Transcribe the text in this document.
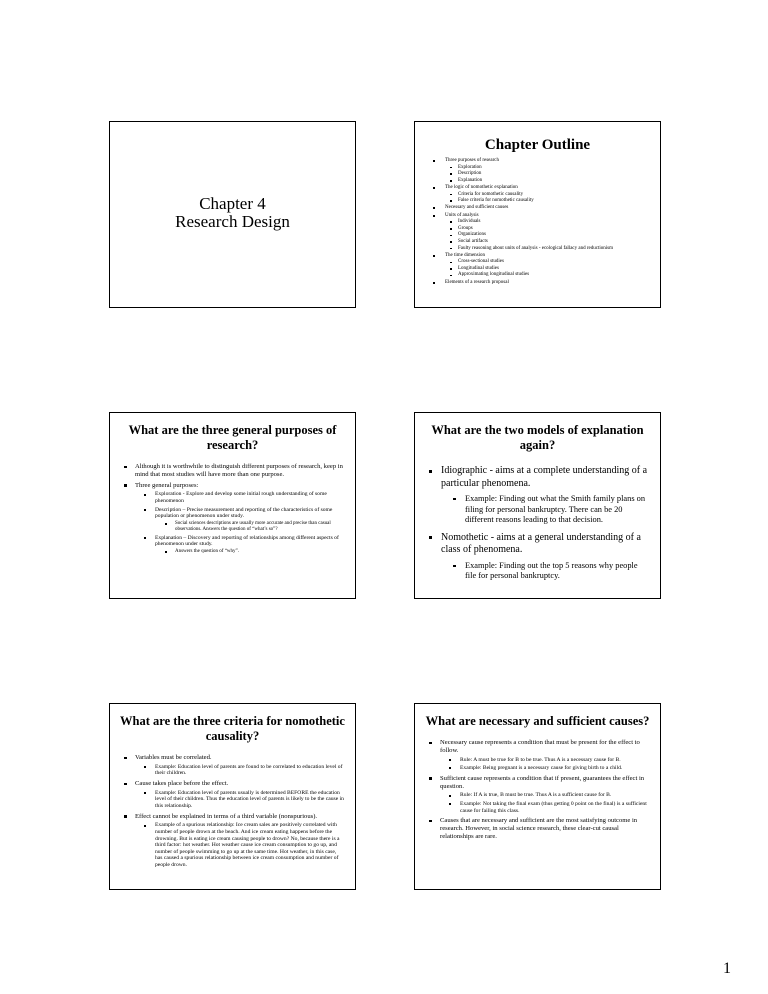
Chapter 4
Research Design
Chapter Outline
Three purposes of research
Exploration
Description
Explanation
The logic of nomothetic explanation
Criteria for nomothetic causality
False criteria for nomothetic causality
Necessary and sufficient causes
Units of analysis
Individuals
Groups
Organizations
Social artifacts
Faulty reasoning about units of analysis - ecological fallacy and reductionism
The time dimension
Cross-sectional studies
Longitudinal studies
Approximating longitudinal studies
Elements of a research proposal
What are the three general purposes of research?
Although it is worthwhile to distinguish different purposes of research, keep in mind that most studies will have more than one purpose.
Three general purposes:
Exploration - Explore and develop some initial rough understanding of some phenomenon
Description – Precise measurement and reporting of the characteristics of some population or phenomenon under study.
Social sciences descriptions are usually more accurate and precise than casual observations. Answers the question of “what’s so”?
Explanation – Discovery and reporting of relationships among different aspects of phenomenon under study.
Answers the question of “why”.
What are the two models of explanation again?
Idiographic - aims at a complete understanding of a particular phenomena.
Example: Finding out what the Smith family plans on filing for personal bankruptcy. There can be 20 different reasons leading to that decision.
Nomothetic - aims at a general understanding of a class of phenomena.
Example: Finding out the top 5 reasons why people file for personal bankruptcy.
What are the three criteria for nomothetic causality?
Variables must be correlated.
Example: Education level of parents are found to be correlated to education level of their children.
Cause takes place before the effect.
Example: Education level of parents usually is determined BEFORE the education level of their children. Thus the education level of parents is likely to be the cause in this relationship.
Effect cannot be explained in terms of a third variable (nonspurious).
Example of a spurious relationship: Ice cream sales are positively correlated with number of people drown at the beach. And ice cream eating happens before the drowning. But is eating ice cream causing people to drown? No, because there is a third factor: hot weather. Hot weather cause ice cream consumption to go up, and number of people swimming to go up at the same time. Hot weather, in this case, has caused a spurious relationship between ice cream consumption and number of people drown.
What are necessary and sufficient causes?
Necessary cause represents a condition that must be present for the effect to follow.
Rule: A must be true for B to be true. Thus A is a necessary cause for B.
Example: Being pregnant is a necessary cause for giving birth to a child.
Sufficient cause represents a condition that if present, guarantees the effect in question.
Rule: If A is true, B must be true. Thus A is a sufficient cause for B.
Example: Not taking the final exam (thus getting 0 point on the final) is a sufficient cause for failing this class.
Causes that are necessary and sufficient are the most satisfying outcome in research. However, in social science research, these clear-cut causal relationships are rare.
1
